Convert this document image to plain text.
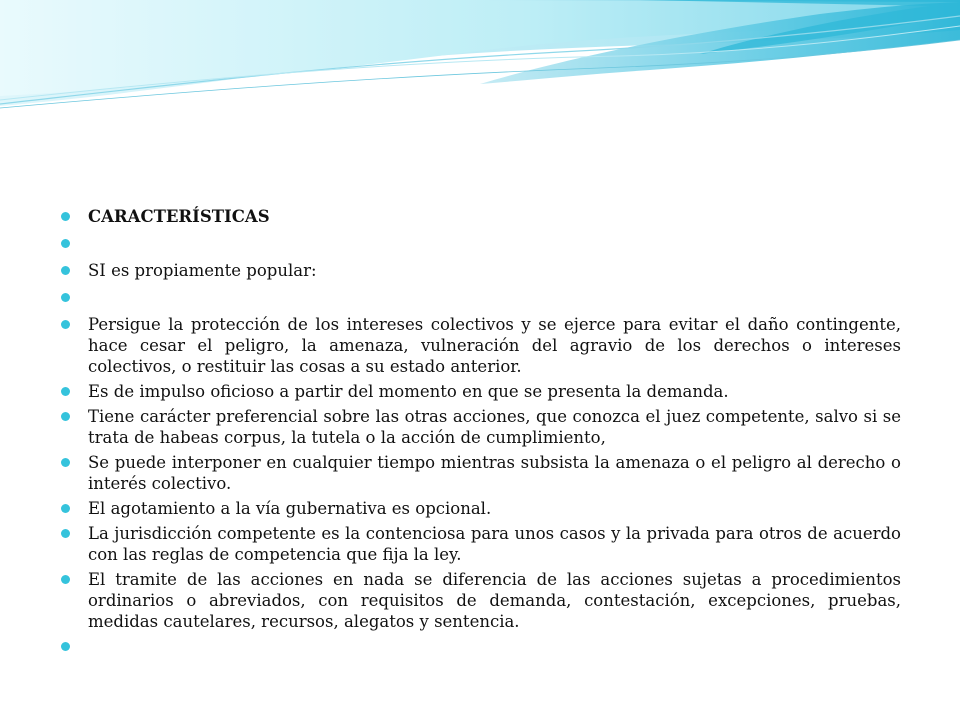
CARACTERÍSTICAS
SI es propiamente popular:
Persigue la protección de los intereses colectivos y se ejerce para evitar el daño contingente, hace cesar el peligro, la amenaza, vulneración del agravio de los derechos o intereses colectivos, o restituir las cosas a su estado anterior.
Es de impulso oficioso a partir del momento en que se presenta la demanda.
Tiene carácter preferencial sobre las otras acciones, que conozca el juez competente, salvo si se trata de habeas corpus, la tutela o la acción de cumplimiento,
Se puede interponer en cualquier tiempo mientras subsista la amenaza o el peligro al derecho o interés colectivo.
El agotamiento a la vía gubernativa es opcional.
La jurisdicción competente es la contenciosa para unos casos y la privada para otros de acuerdo con las reglas de competencia que fija la ley.
El tramite de las acciones en nada se diferencia de las acciones sujetas a procedimientos ordinarios o abreviados, con requisitos de demanda, contestación, excepciones, pruebas, medidas cautelares, recursos, alegatos y sentencia.
